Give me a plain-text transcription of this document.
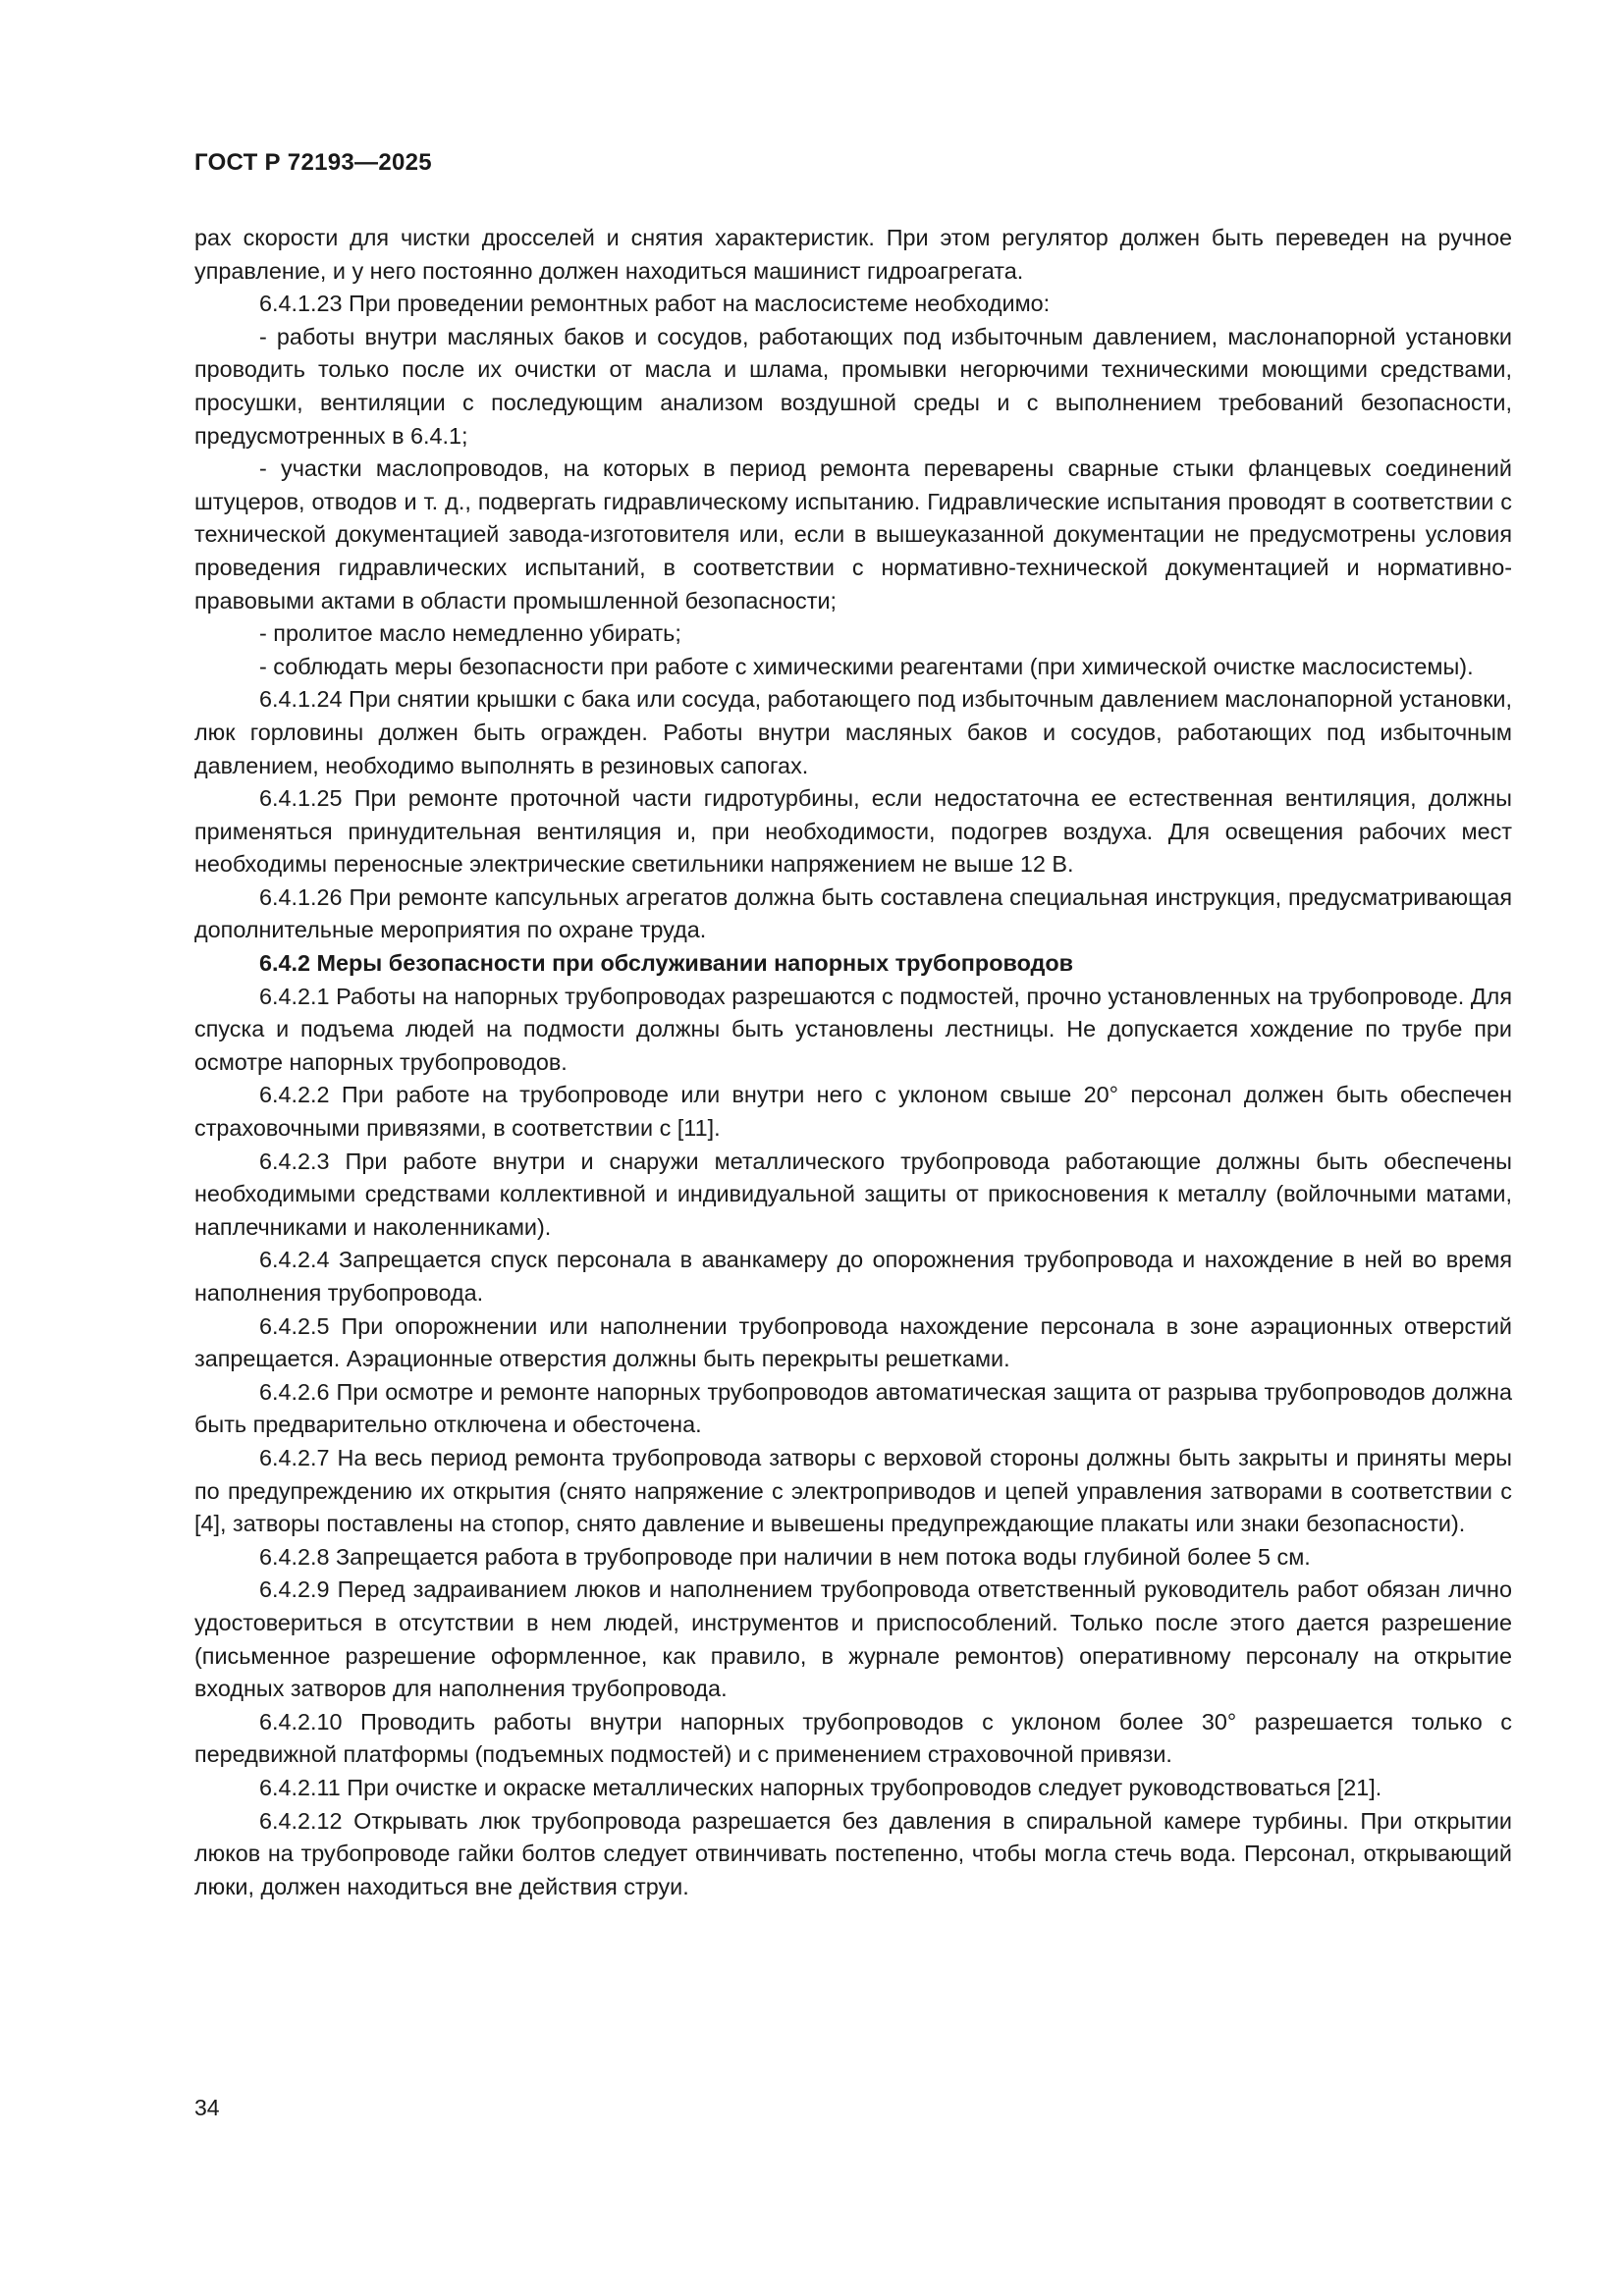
ГОСТ Р 72193—2025

рах скорости для чистки дросселей и снятия характеристик. При этом регулятор должен быть переведен на ручное управление, и у него постоянно должен находиться машинист гидроагрегата.

6.4.1.23 При проведении ремонтных работ на маслосистеме необходимо:

- работы внутри масляных баков и сосудов, работающих под избыточным давлением, маслонапорной установки проводить только после их очистки от масла и шлама, промывки негорючими техническими моющими средствами, просушки, вентиляции с последующим анализом воздушной среды и с выполнением требований безопасности, предусмотренных в 6.4.1;

- участки маслопроводов, на которых в период ремонта переварены сварные стыки фланцевых соединений штуцеров, отводов и т. д., подвергать гидравлическому испытанию. Гидравлические испытания проводят в соответствии с технической документацией завода-изготовителя или, если в вышеуказанной документации не предусмотрены условия проведения гидравлических испытаний, в соответствии с нормативно-технической документацией и нормативно-правовыми актами в области промышленной безопасности;

- пролитое масло немедленно убирать;

- соблюдать меры безопасности при работе с химическими реагентами (при химической очистке маслосистемы).

6.4.1.24 При снятии крышки с бака или сосуда, работающего под избыточным давлением маслонапорной установки, люк горловины должен быть огражден. Работы внутри масляных баков и сосудов, работающих под избыточным давлением, необходимо выполнять в резиновых сапогах.

6.4.1.25 При ремонте проточной части гидротурбины, если недостаточна ее естественная вентиляция, должны применяться принудительная вентиляция и, при необходимости, подогрев воздуха. Для освещения рабочих мест необходимы переносные электрические светильники напряжением не выше 12 В.

6.4.1.26 При ремонте капсульных агрегатов должна быть составлена специальная инструкция, предусматривающая дополнительные мероприятия по охране труда.

6.4.2 Меры безопасности при обслуживании напорных трубопроводов

6.4.2.1 Работы на напорных трубопроводах разрешаются с подмостей, прочно установленных на трубопроводе. Для спуска и подъема людей на подмости должны быть установлены лестницы. Не допускается хождение по трубе при осмотре напорных трубопроводов.

6.4.2.2 При работе на трубопроводе или внутри него с уклоном свыше 20° персонал должен быть обеспечен страховочными привязями, в соответствии с [11].

6.4.2.3 При работе внутри и снаружи металлического трубопровода работающие должны быть обеспечены необходимыми средствами коллективной и индивидуальной защиты от прикосновения к металлу (войлочными матами, наплечниками и наколенниками).

6.4.2.4 Запрещается спуск персонала в аванкамеру до опорожнения трубопровода и нахождение в ней во время наполнения трубопровода.

6.4.2.5 При опорожнении или наполнении трубопровода нахождение персонала в зоне аэрационных отверстий запрещается. Аэрационные отверстия должны быть перекрыты решетками.

6.4.2.6 При осмотре и ремонте напорных трубопроводов автоматическая защита от разрыва трубопроводов должна быть предварительно отключена и обесточена.

6.4.2.7 На весь период ремонта трубопровода затворы с верховой стороны должны быть закрыты и приняты меры по предупреждению их открытия (снято напряжение с электроприводов и цепей управления затворами в соответствии с [4], затворы поставлены на стопор, снято давление и вывешены предупреждающие плакаты или знаки безопасности).

6.4.2.8 Запрещается работа в трубопроводе при наличии в нем потока воды глубиной более 5 см.

6.4.2.9 Перед задраиванием люков и наполнением трубопровода ответственный руководитель работ обязан лично удостовериться в отсутствии в нем людей, инструментов и приспособлений. Только после этого дается разрешение (письменное разрешение оформленное, как правило, в журнале ремонтов) оперативному персоналу на открытие входных затворов для наполнения трубопровода.

6.4.2.10 Проводить работы внутри напорных трубопроводов с уклоном более 30° разрешается только с передвижной платформы (подъемных подмостей) и с применением страховочной привязи.

6.4.2.11 При очистке и окраске металлических напорных трубопроводов следует руководствоваться [21].

6.4.2.12 Открывать люк трубопровода разрешается без давления в спиральной камере турбины. При открытии люков на трубопроводе гайки болтов следует отвинчивать постепенно, чтобы могла стечь вода. Персонал, открывающий люки, должен находиться вне действия струи.

34
